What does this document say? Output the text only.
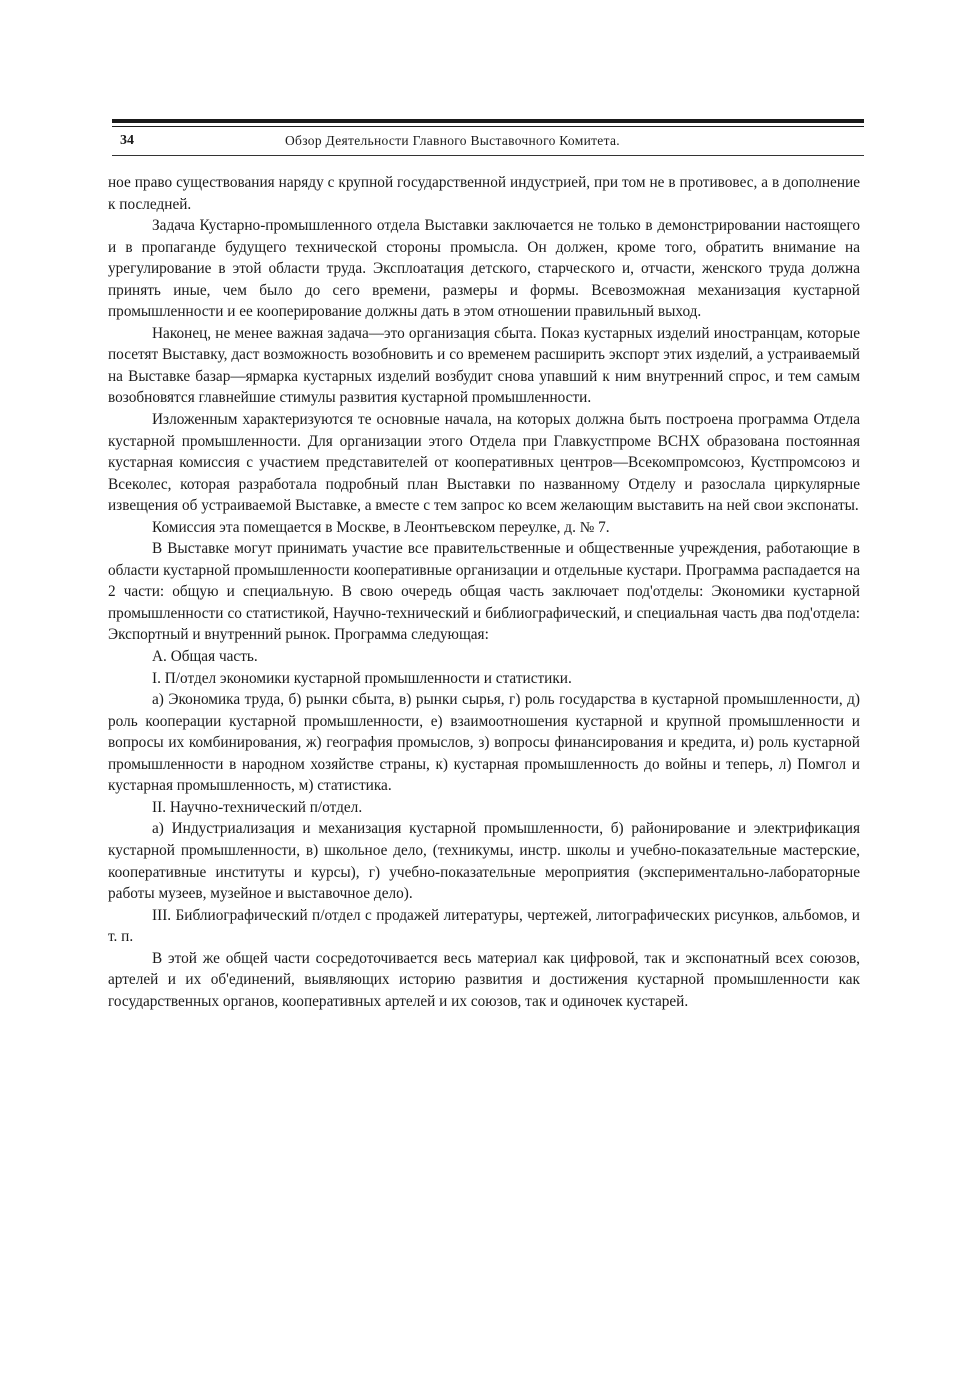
34	Обзор Деятельности Главного Выставочного Комитета.

ное право существования наряду с крупной государственной индустрией, при том не в противовес, а в дополнение к последней.

Задача Кустарно-промышленного отдела Выставки заключается не только в демонстрировании настоящего и в пропаганде будущего технической стороны промысла. Он должен, кроме того, обратить внимание на урегулирование в этой области труда. Эксплоатация детского, старческого и, отчасти, женского труда должна принять иные, чем было до сего времени, размеры и формы. Всевозможная механизация кустарной промышленности и ее кооперирование должны дать в этом отношении правильный выход.

Наконец, не менее важная задача—это организация сбыта. Показ кустарных изделий иностранцам, которые посетят Выставку, даст возможность возобновить и со временем расширить экспорт этих изделий, а устраиваемый на Выставке базар—ярмарка кустарных изделий возбудит снова упавший к ним внутренний спрос, и тем самым возобновятся главнейшие стимулы развития кустарной промышленности.

Изложенным характеризуются те основные начала, на которых должна быть построена программа Отдела кустарной промышленности. Для организации этого Отдела при Главкустпроме ВСНХ образована постоянная кустарная комиссия с участием представителей от кооперативных центров—Всекомпромсоюз, Кустпромсоюз и Всеколес, которая разработала подробный план Выставки по названному Отделу и разослала циркулярные извещения об устраиваемой Выставке, а вместе с тем запрос ко всем желающим выставить на ней свои экспонаты.

Комиссия эта помещается в Москве, в Леонтьевском переулке, д. № 7.

В Выставке могут принимать участие все правительственные и общественные учреждения, работающие в области кустарной промышленности кооперативные организации и отдельные кустари. Программа распадается на 2 части: общую и специальную. В свою очередь общая часть заключает под'отделы: Экономики кустарной промышленности со статистикой, Научно-технический и библиографический, и специальная часть два под'отдела: Экспортный и внутренний рынок. Программа следующая:

А. Общая часть.

I. П/отдел экономики кустарной промышленности и статистики.

а) Экономика труда, б) рынки сбыта, в) рынки сырья, г) роль государства в кустарной промышленности, д) роль кооперации кустарной промышленности, е) взаимоотношения кустарной и крупной промышленности и вопросы их комбинирования, ж) география промыслов, з) вопросы финансирования и кредита, и) роль кустарной промышленности в народном хозяйстве страны, к) кустарная промышленность до войны и теперь, л) Помгол и кустарная промышленность, м) статистика.

II. Научно-технический п/отдел.

а) Индустриализация и механизация кустарной промышленности, б) районирование и электрификация кустарной промышленности, в) школьное дело, (техникумы, инстр. школы и учебно-показательные мастерские, кооперативные институты и курсы), г) учебно-показательные мероприятия (экспериментально-лабораторные работы музеев, музейное и выставочное дело).

III. Библиографический п/отдел с продажей литературы, чертежей, литографических рисунков, альбомов, и т. п.

В этой же общей части сосредоточивается весь материал как цифровой, так и экспонатный всех союзов, артелей и их об'единений, выявляющих историю развития и достижения кустарной промышленности как государственных органов, кооперативных артелей и их союзов, так и одиночек кустарей.
